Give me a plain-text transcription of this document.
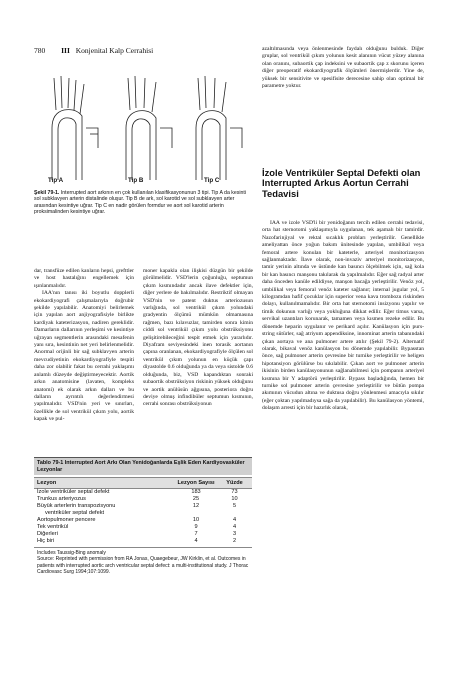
780 III Konjenital Kalp Cerrahisi
Tip A	Tip B	Tip C
Şekil 79-1. Interrupted aort arkının en çok kullanılan klasifikasyonunun 3 tipi. Tip A da kesinti sol subklavyen arterin distalinde oluşur. Tip B de ark, sol karotid ve sol subklavyen arter arasından kesintiye uğrar. Tip C en nadir görülen formdur ve aort sol karotid arterin proksimalinden kesintiye uğrar.

dar, transfüze edilen kanların hepsi, grefttler ve host hastalığını engellemek için ışınlanmalıdır.

IAA'nın tanısı iki boyutlu dopplerli ekokardiyografi çalışmalarıyla doğrubir şekilde yapılabilir. Anatomiyi belirlemek için yapılan aort anjiyografisiyle birlikte kardiyak kateterizasyon, nadiren gereklidir. Damarların dallarının yerleşimi ve kesintiye uğrayan segmentlerin arasındaki mesafenin yanı sıra, kesintinin net yeri belirlenmelidir. Anormal orijinli bir sağ subklavyen arterin mevcudiyetinin ekokardiyografiyle tespiti daha zor olabilir fakat bu cerrahi yaklaşımı anlamlı düzeyde değiştirmeyecektir. Aortik arkın anatomisine (lavaten, kompleks anatomi) ek olarak arkın dalları ve bu dalların ayrıntılı değerlendirmesi yapılmalıdır. VSD'nin yeri ve sınırları, özellikle de sol ventrikül çıkım yolu, aortik kapak ve pul-

moner kapakla olan ilişkisi düzgün bir şekilde görülmelidir. VSD'lerin çoğunluğu, septumun çıkım kısmındadır ancak ilave defektler için, diğer yerlere de bakılmalıdır. Restriktif olmayan VSD'nin ve patent duktus arteriozusun varlığında, sol ventrikül çıkım yolundaki gradyentin ölçümü mümkün olmamasına rağmen, bazı kılavuzlar, tamirden sonra kimin ciddi sol ventrikül çıkım yolu obstrüksiyonu gelişitirebileceğini tespit etmek için yararlıdır. Diyafram seviyesindeki inen torasik aortanın çapına oranlanan, ekokardiyografiyle ölçülen sol ventrikül çıkım yolunun en küçük çapı diyastolde 0.6 olduğunda ya da veya sistolde 0.6 olduğunda, biz, VSD kapandıktan sonraki subaortik obstrüksiyon riskinin yüksek olduğunu ve aortik anülüsün ağgısına, posteriora doğru deviye olmuş infindibüler septumun kısmının, cerrahi sonrası obstrüksiyonun

azaltılmasında veya önlenmesinde faydalı olduğunu bulduk. Diğer gruplar, sol ventrikül çıkım yolunun kesit alanının vücut yüzey alanına olan oranını, subaortik çap indeksini ve subaortik çap z skorunu içeren diğer preoperatif ekokardiyografik ölçümleri önermişlerdir. Yine de, yüksek bir sensitivite ve spesifisite derecesine sahip olan optimal bir parametre yoktur.

İzole Ventriküler Septal Defekti olan Interrupted Arkus Aortun Cerrahi Tedavisi

IAA ve izole VSD'li bir yenidoğanın tercih edilen cerrahi tedavisi, orta hat sternotomi yaklaşımıyla uygulanan, tek aşamalı bir tamirdir. Nazofarinjiyal ve rektal sıcaklık probları yerleştirilir. Genellikle ameliyattan önce yoğun bakım ünitesinde yapılan, umbilikal veya femoral artere konulan bir kateterle, arteriyel monitorizasyon sağlanmaktadır. İlave olarak, non-invaziv arteriyel monitorizasyon, tamir yerinin altında ve üstünde kan basıncı ölçebilmek için, sağ kola bir kan basıncı manşonu takılarak da yapılmalıdır. Eğer sağ radyal arter daha önceden kanüle edildiyse, manşon bacağa yerleştirilir. Venöz yol, umbilikal veya femoral venöz kateter sağlanır; internal jugular yol, 5 kilogramdan hafif çocuklar için superior vena kava trombozu riskinden dolayı, kullanılmamalıdır. Bir orta hat sternotomi insizyonu yapılır ve timik dokunun varlığı veya yokluğuna dikkat edilir. Eğer timus varsa, servikal uzantıları korunarak, tamamen veya kısmen rezeke edilir. Bu dönemde heparin uygulanır ve perikard açılır. Kanülasyon için purs-string sütürler, sağ atriyum appendiksine, innominat arterin tabanındaki çıkan aortaya ve ana pulmoner artere atılır (Şekil 79-2). Alternatif olarak, bikaval venöz kanülasyon bu dönemde yapılabilir. Bypasstan önce, sağ pulmoner arterin çevresine bir turnike yerleştirilir ve heligen hipotansiyon görülürse bu sıkılabilir. Çıkan aort ve pulmoner arterin ikisinin birden kanülasyonunun sağlanabilmesi için pompanın arteriyel kısmına bir Y adaptörü yerleştirilir. Bypass başladığında, hemen bir turnike sol pulmoner arterin çevresine yerleştirilir ve bütün pompa akımının vücudun altına ve duktusa doğru yönlenmesi amacıyla sıkılır (eğer çoktan yapılmadıysa sağa da yapılabilir). Bu kanülasyon yöntemi, dolaşım arresti için bir hazırlık olarak,

Tablo 79-1 Interrupted Aort Arkı Olan Yenidoğanlarda Eşlik Eden Kardiyovasküler Lezyonlar
Lezyon	Lezyon Sayısı	Yüzde
İzole ventriküler septal defekt	183	73
Trunkus arteriyozus	25	10
Büyük arterlerin transpozisyonu	12	5
ventriküler septal defekt
Aortopulmoner pencere	10	4
Tek ventrikül	9	4
Diğerleri	7	3
Hiç biri	4	2
Includes Taussig-Bing anomaly
Source: Reprinted with permission from RA Jonas, Quaegebeur, JW Kirklin, et al. Outcomes in patients with interrupted aortic arch ventricular septal defect: a multi-institutional study. J Thorac Cardiovasc Surg 1994;107:1099.
